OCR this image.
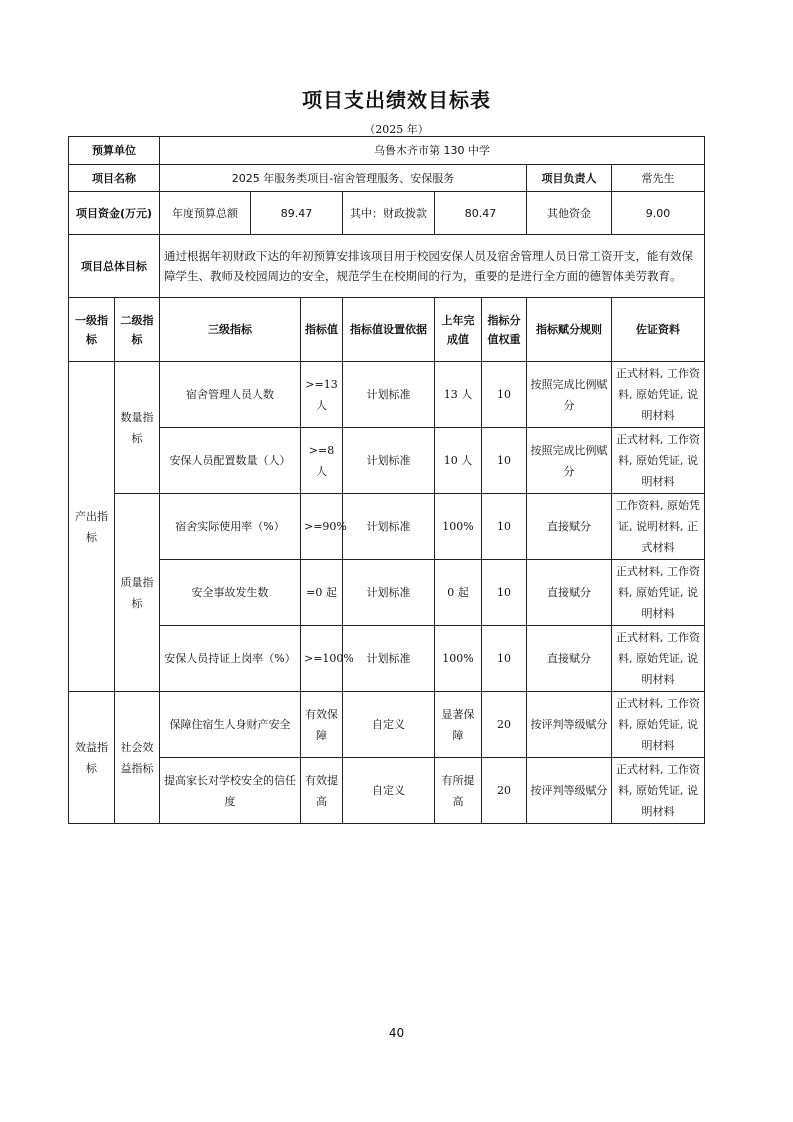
项目支出绩效目标表
（2025 年）
预算单位		乌鲁木齐市第 130 中学							
项目名称		2025 年服务类项目-宿舍管理服务、安保服务						项目负责人	常先生
项目资金(万元)		年度预算总额	89.47		其中：财政拨款	80.47		其他资金	9.00
项目总体目标		通过根据年初财政下达的年初预算安排该项目用于校园安保人员及宿舍管理人员日常工资开支，能有效保障学生、教师及校园周边的安全，规范学生在校期间的行为，重要的是进行全方面的德智体美劳教育。							
一级指标	二级指标	三级指标		指标值	指标值设置依据	上年完成值	指标分值权重	指标赋分规则	佐证资料
产出指标	数量指标	宿舍管理人员人数		>=13 人	计划标准	13 人	10	按照完成比例赋分	正式材料, 工作资料, 原始凭证, 说明材料
		安保人员配置数量（人）		>=8 人	计划标准	10 人	10	按照完成比例赋分	正式材料, 工作资料, 原始凭证, 说明材料
	质量指标	宿舍实际使用率（%）		>=90%	计划标准	100%	10	直接赋分	工作资料, 原始凭证, 说明材料, 正式材料
		安全事故发生数		=0 起	计划标准	0 起	10	直接赋分	正式材料, 工作资料, 原始凭证, 说明材料
		安保人员持证上岗率（%）		>=100%	计划标准	100%	10	直接赋分	正式材料, 工作资料, 原始凭证, 说明材料
效益指标	社会效益指标	保障住宿生人身财产安全		有效保障	自定义	显著保障	20	按评判等级赋分	正式材料, 工作资料, 原始凭证, 说明材料
		提高家长对学校安全的信任度		有效提高	自定义	有所提高	20	按评判等级赋分	正式材料, 工作资料, 原始凭证, 说明材料
40
